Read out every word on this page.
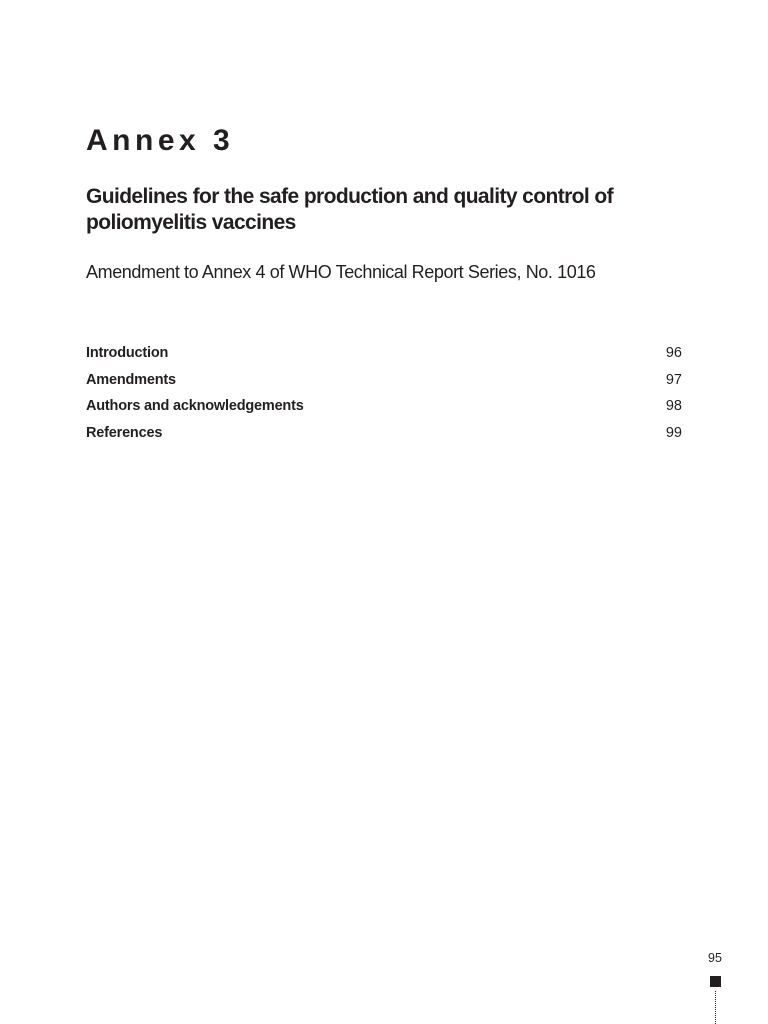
Annex 3
Guidelines for the safe production and quality control of poliomyelitis vaccines
Amendment to Annex 4 of WHO Technical Report Series, No. 1016
Introduction	96
Amendments	97
Authors and acknowledgements	98
References	99
95
